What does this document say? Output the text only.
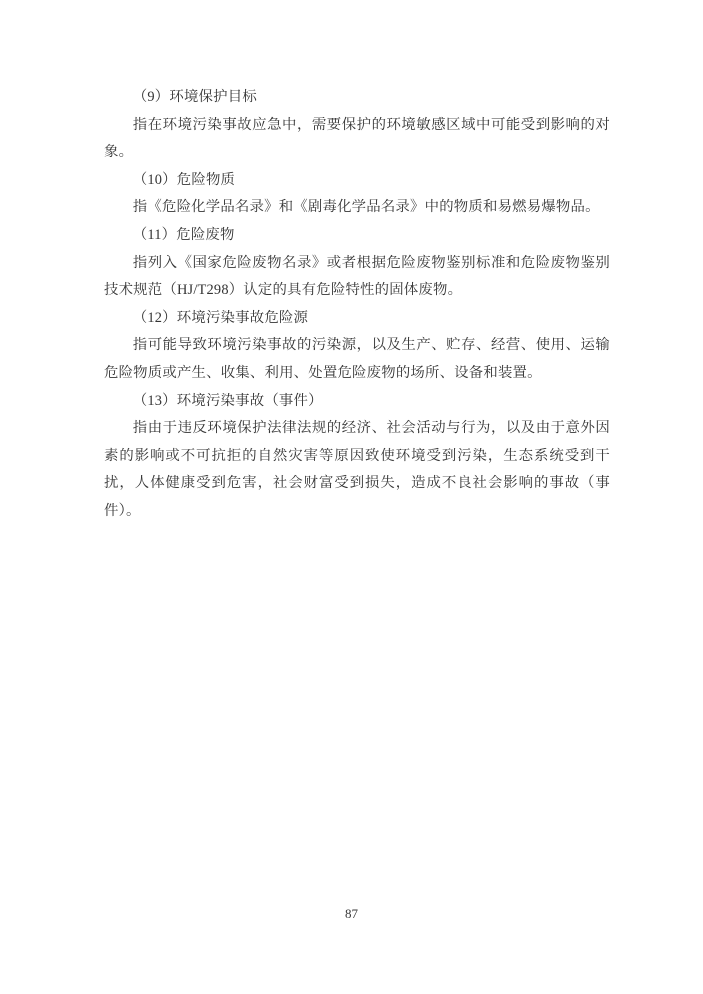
（9）环境保护目标

指在环境污染事故应急中，需要保护的环境敏感区域中可能受到影响的对象。

（10）危险物质

指《危险化学品名录》和《剧毒化学品名录》中的物质和易燃易爆物品。

（11）危险废物

指列入《国家危险废物名录》或者根据危险废物鉴别标准和危险废物鉴别技术规范（HJ/T298）认定的具有危险特性的固体废物。

（12）环境污染事故危险源

指可能导致环境污染事故的污染源，以及生产、贮存、经营、使用、运输危险物质或产生、收集、利用、处置危险废物的场所、设备和装置。

（13）环境污染事故（事件）

指由于违反环境保护法律法规的经济、社会活动与行为，以及由于意外因素的影响或不可抗拒的自然灾害等原因致使环境受到污染，生态系统受到干扰，人体健康受到危害，社会财富受到损失，造成不良社会影响的事故（事件）。

87
